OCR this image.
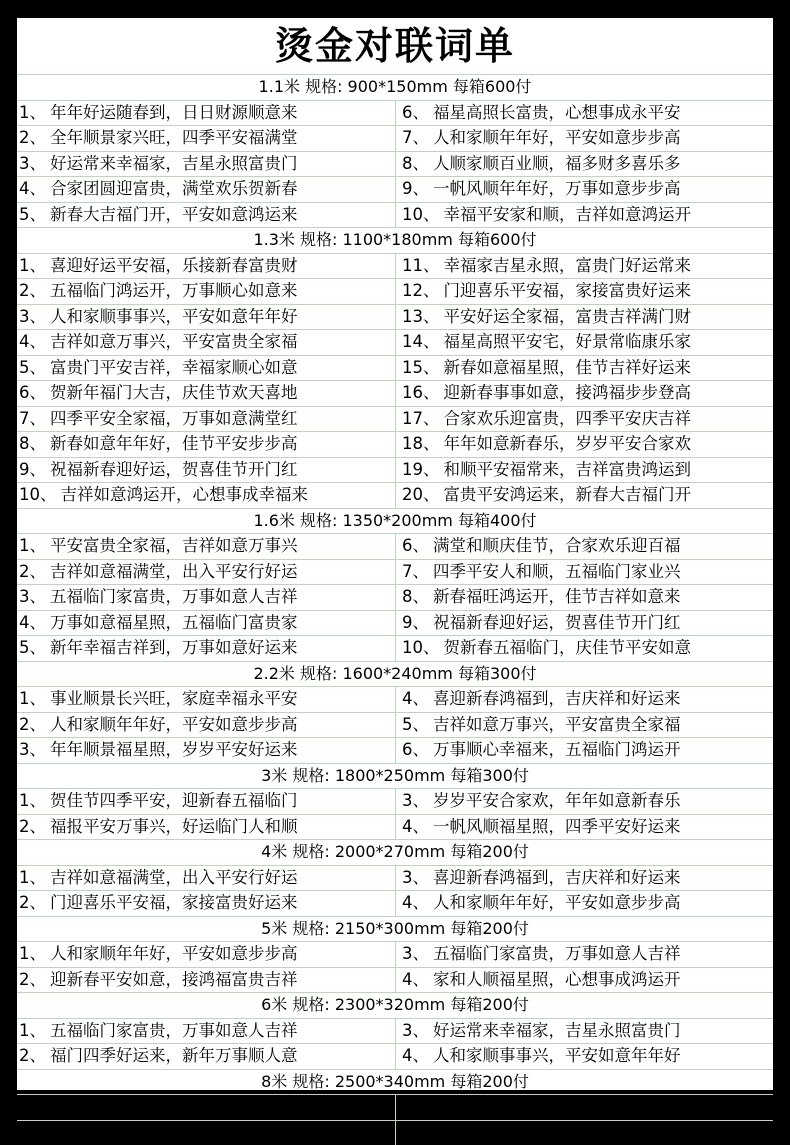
烫金对联词单
1.1米 规格: 900*150mm 每箱600付
1、 年年好运随春到，日日财源顺意来	6、 福星高照长富贵，心想事成永平安
2、 全年顺景家兴旺，四季平安福满堂	7、 人和家顺年年好，平安如意步步高
3、 好运常来幸福家，吉星永照富贵门	8、 人顺家顺百业顺，福多财多喜乐多
4、 合家团圆迎富贵，满堂欢乐贺新春	9、 一帆风顺年年好，万事如意步步高
5、 新春大吉福门开，平安如意鸿运来	10、 幸福平安家和顺，吉祥如意鸿运开
1.3米 规格: 1100*180mm 每箱600付
1、 喜迎好运平安福，乐接新春富贵财	11、 幸福家吉星永照，富贵门好运常来
2、 五福临门鸿运开，万事顺心如意来	12、 门迎喜乐平安福，家接富贵好运来
3、 人和家顺事事兴，平安如意年年好	13、 平安好运全家福，富贵吉祥满门财
4、 吉祥如意万事兴，平安富贵全家福	14、 福星高照平安宅，好景常临康乐家
5、 富贵门平安吉祥，幸福家顺心如意	15、 新春如意福星照，佳节吉祥好运来
6、 贺新年福门大吉，庆佳节欢天喜地	16、 迎新春事事如意，接鸿福步步登高
7、 四季平安全家福，万事如意满堂红	17、 合家欢乐迎富贵，四季平安庆吉祥
8、 新春如意年年好，佳节平安步步高	18、 年年如意新春乐，岁岁平安合家欢
9、 祝福新春迎好运，贺喜佳节开门红	19、 和顺平安福常来，吉祥富贵鸿运到
10、 吉祥如意鸿运开，心想事成幸福来	20、 富贵平安鸿运来，新春大吉福门开
1.6米 规格: 1350*200mm 每箱400付
1、 平安富贵全家福，吉祥如意万事兴	6、 满堂和顺庆佳节，合家欢乐迎百福
2、 吉祥如意福满堂，出入平安行好运	7、 四季平安人和顺，五福临门家业兴
3、 五福临门家富贵，万事如意人吉祥	8、 新春福旺鸿运开，佳节吉祥如意来
4、 万事如意福星照，五福临门富贵家	9、 祝福新春迎好运，贺喜佳节开门红
5、 新年幸福吉祥到，万事如意好运来	10、 贺新春五福临门，庆佳节平安如意
2.2米 规格: 1600*240mm 每箱300付
1、 事业顺景长兴旺，家庭幸福永平安	4、 喜迎新春鸿福到，吉庆祥和好运来
2、 人和家顺年年好，平安如意步步高	5、 吉祥如意万事兴，平安富贵全家福
3、 年年顺景福星照，岁岁平安好运来	6、 万事顺心幸福来，五福临门鸿运开
3米 规格: 1800*250mm 每箱300付
1、 贺佳节四季平安，迎新春五福临门	3、 岁岁平安合家欢，年年如意新春乐
2、 福报平安万事兴，好运临门人和顺	4、 一帆风顺福星照，四季平安好运来
4米 规格: 2000*270mm 每箱200付
1、 吉祥如意福满堂，出入平安行好运	3、 喜迎新春鸿福到，吉庆祥和好运来
2、 门迎喜乐平安福，家接富贵好运来	4、 人和家顺年年好，平安如意步步高
5米 规格: 2150*300mm 每箱200付
1、 人和家顺年年好，平安如意步步高	3、 五福临门家富贵，万事如意人吉祥
2、 迎新春平安如意，接鸿福富贵吉祥	4、 家和人顺福星照，心想事成鸿运开
6米 规格: 2300*320mm 每箱200付
1、 五福临门家富贵，万事如意人吉祥	3、 好运常来幸福家，吉星永照富贵门
2、 福门四季好运来，新年万事顺人意	4、 人和家顺事事兴，平安如意年年好
8米 规格: 2500*340mm 每箱200付
1、 万事如意步步高，家业兴旺年年好	3、 心想事成永平安，吉祥如意长富贵
2、 一帆风顺全家福，万事如意满堂春	4、 吉祥如意好运来，富贵平安福星照
